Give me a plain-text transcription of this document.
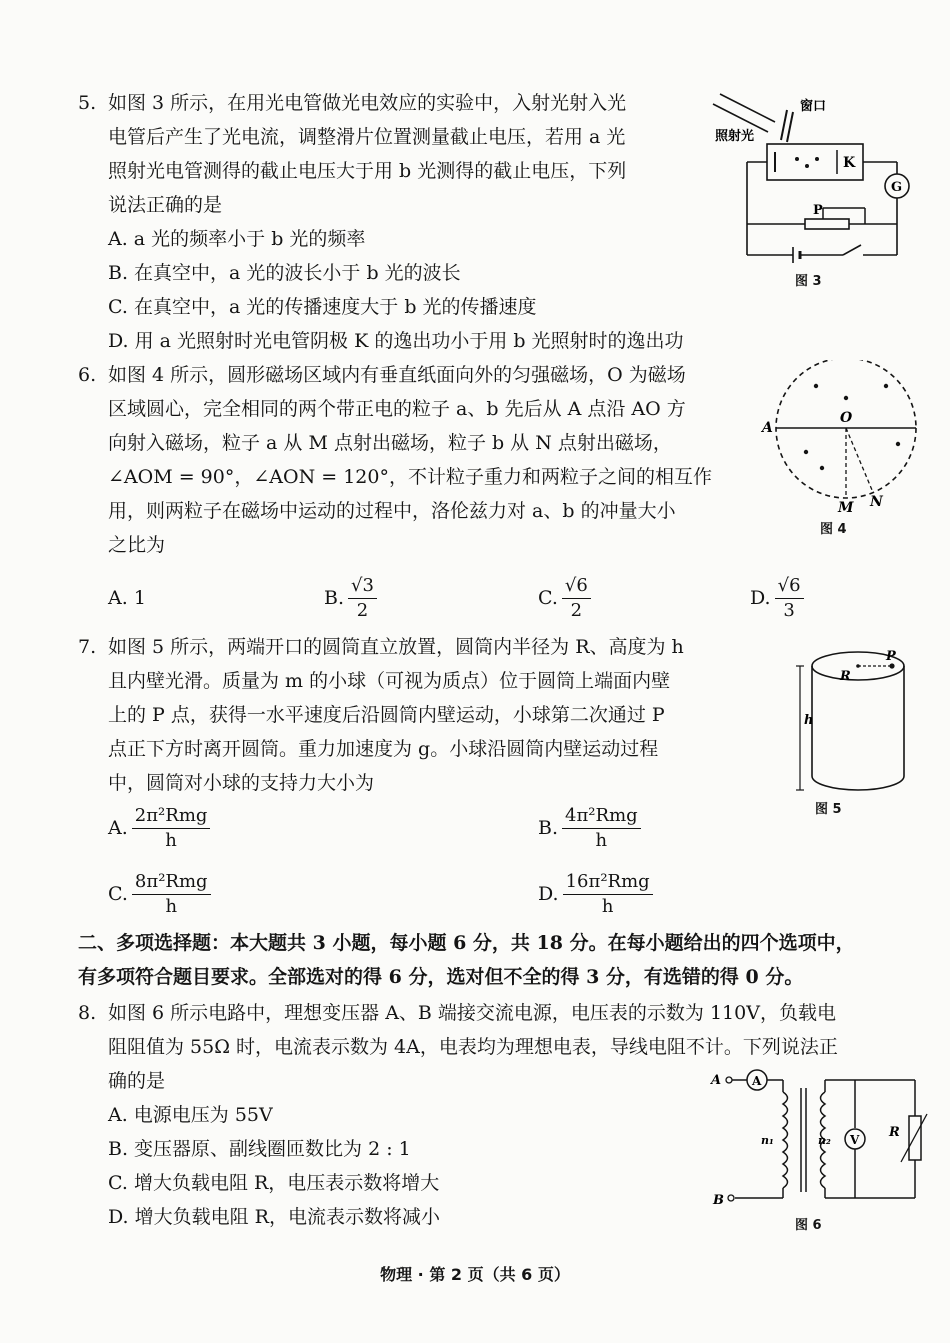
5. 如图 3 所示，在用光电管做光电效应的实验中，入射光射入光

电管后产生了光电流，调整滑片位置测量截止电压，若用 a 光

照射光电管测得的截止电压大于用 b 光测得的截止电压，下列

说法正确的是

A. a 光的频率小于 b 光的频率

B. 在真空中，a 光的波长小于 b 光的波长

C. 在真空中，a 光的传播速度大于 b 光的传播速度

D. 用 a 光照射时光电管阴极 K 的逸出功小于用 b 光照射时的逸出功

窗口
照射光
K
G
P
图 3

6. 如图 4 所示，圆形磁场区域内有垂直纸面向外的匀强磁场，O 为磁场

区域圆心，完全相同的两个带正电的粒子 a、b 先后从 A 点沿 AO 方

向射入磁场，粒子 a 从 M 点射出磁场，粒子 b 从 N 点射出磁场，

∠AOM = 90°，∠AON = 120°，不计粒子重力和两粒子之间的相互作

用，则两粒子在磁场中运动的过程中，洛伦兹力对 a、b 的冲量大小

之比为

A. 1	B. $\frac{√3}{2}$	C. $\frac{√6}{2}$	D. $\frac{√6}{3}$
A
O
M N
图 4

7. 如图 5 所示，两端开口的圆筒直立放置，圆筒内半径为 R、高度为 h

且内壁光滑。质量为 m 的小球（可视为质点）位于圆筒上端面内壁

上的 P 点，获得一水平速度后沿圆筒内壁运动，小球第二次通过 P

点正下方时离开圆筒。重力加速度为 g。小球沿圆筒内壁运动过程

中，圆筒对小球的支持力大小为

A. $\frac{\text{2π²Rmg}}{h}$	B. $\frac{\text{4π²Rmg}}{h}$
C. $\frac{\text{8π²Rmg}}{h}$	D. $\frac{\text{16π²Rmg}}{h}$
R
P
h
图 5
二、多项选择题：本大题共 3 小题，每小题 6 分，共 18 分。在每小题给出的四个选项中，
有多项符合题目要求。全部选对的得 6 分，选对但不全的得 3 分，有选错的得 0 分。

8. 如图 6 所示电路中，理想变压器 A、B 端接交流电源，电压表的示数为 110V，负载电

阻阻值为 55Ω 时，电流表示数为 4A，电表均为理想电表，导线电阻不计。下列说法正

确的是

A. 电源电压为 55V

B. 变压器原、副线圈匝数比为 2 : 1

C. 增大负载电阻 R，电压表示数将增大

D. 增大负载电阻 R，电流表示数将减小

A	A
B
n₁	n₂ V R
图 6
物理 · 第 2 页（共 6 页）
